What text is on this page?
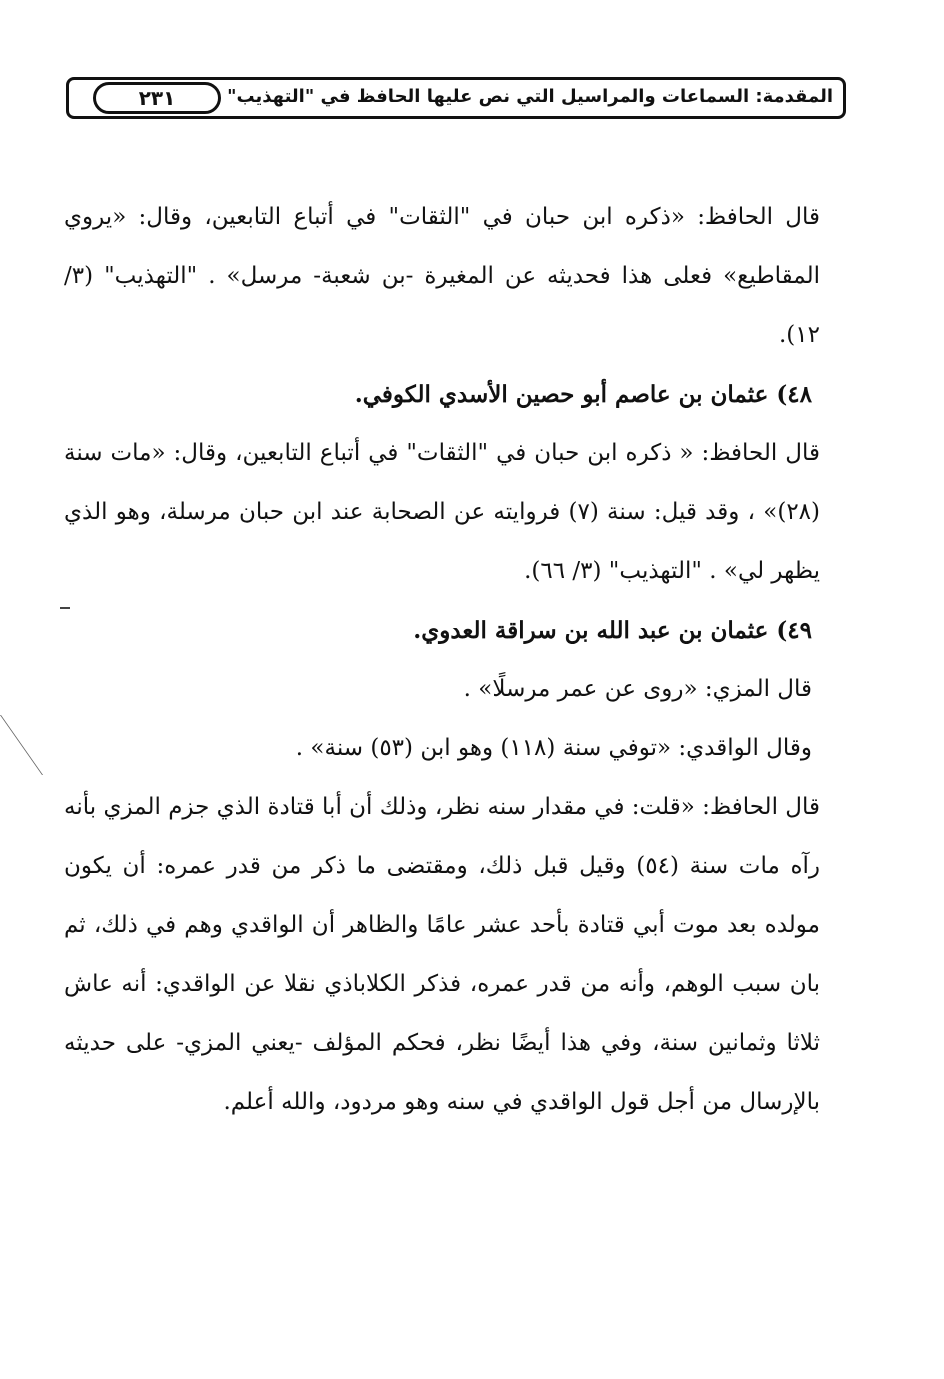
المقدمة: السماعات والمراسيل التي نص عليها الحافظ في "التهذيب"
٢٣١

قال الحافظ: «ذكره ابن حبان في "الثقات" في أتباع التابعين، وقال: «يروي المقاطيع» فعلى هذا فحديثه عن المغيرة -بن شعبة- مرسل» . "التهذيب" (٣/ ١٢).

٤٨) عثمان بن عاصم أبو حصين الأسدي الكوفي.

قال الحافظ: « ذكره ابن حبان في "الثقات" في أتباع التابعين، وقال: «مات سنة (٢٨)» ، وقد قيل: سنة (٧) فروايته عن الصحابة عند ابن حبان مرسلة، وهو الذي يظهر لي» . "التهذيب" (٣/ ٦٦).

٤٩) عثمان بن عبد الله بن سراقة العدوي.

قال المزي: «روى عن عمر مرسلًا» .

وقال الواقدي: «توفي سنة (١١٨) وهو ابن (٥٣) سنة» .

قال الحافظ: «قلت: في مقدار سنه نظر، وذلك أن أبا قتادة الذي جزم المزي بأنه رآه مات سنة (٥٤) وقيل قبل ذلك، ومقتضى ما ذكر من قدر عمره: أن يكون مولده بعد موت أبي قتادة بأحد عشر عامًا والظاهر أن الواقدي وهم في ذلك، ثم بان سبب الوهم، وأنه من قدر عمره، فذكر الكلاباذي نقلا عن الواقدي: أنه عاش ثلاثا وثمانين سنة، وفي هذا أيضًا نظر، فحكم المؤلف -يعني المزي- على حديثه بالإرسال من أجل قول الواقدي في سنه وهو مردود، والله أعلم.
